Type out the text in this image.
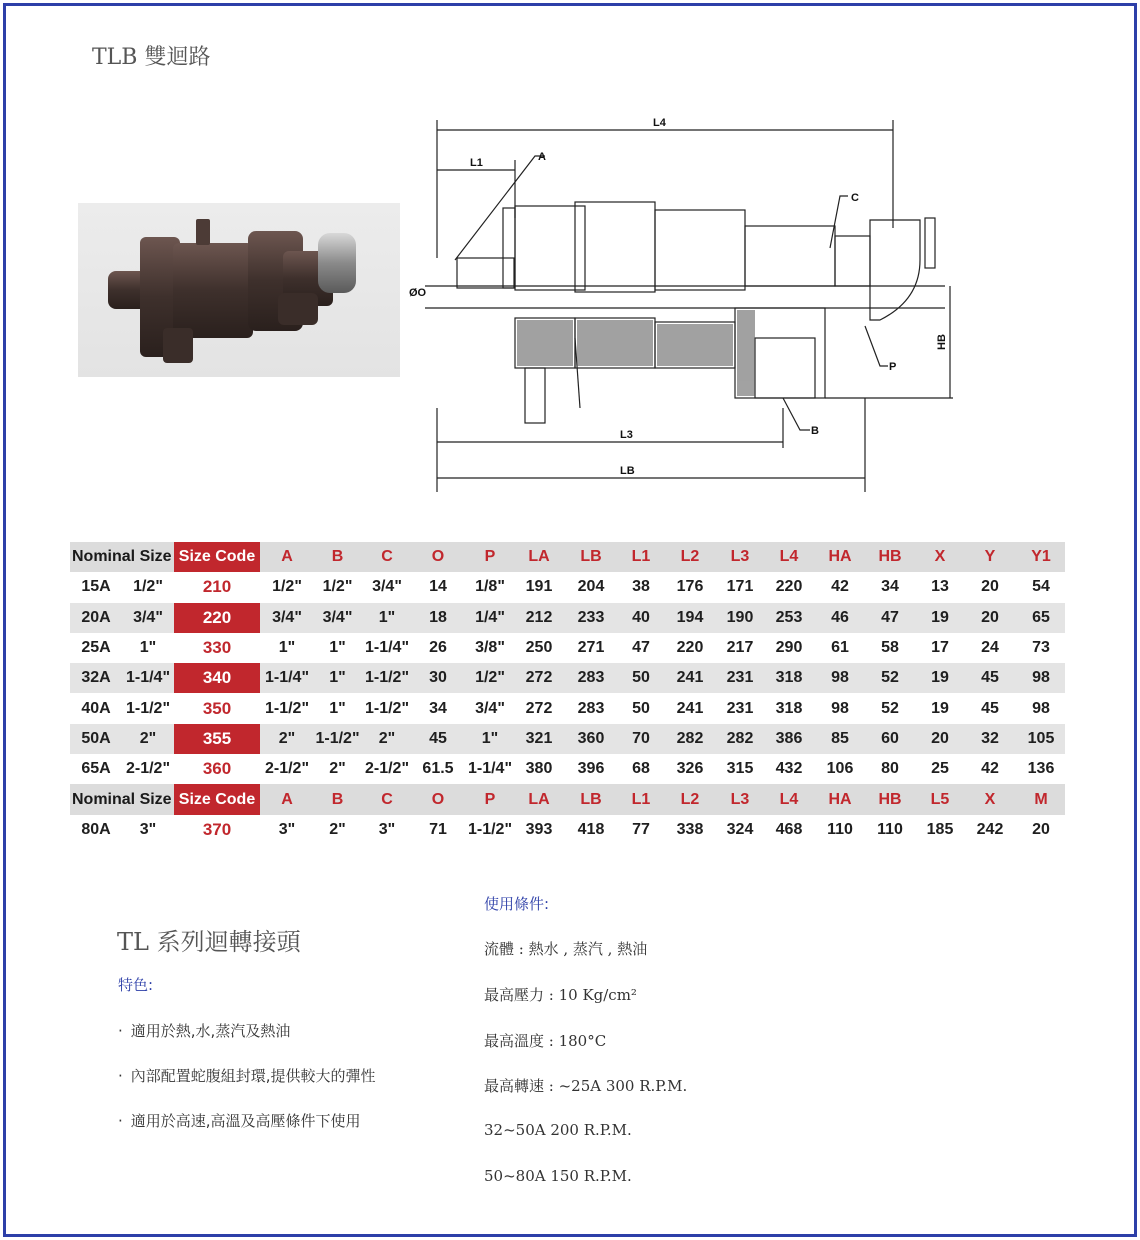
TLB 雙迴路
L4
L1	A
C
ØO
HB
P
B
L3
LB
Nominal Size		Size Code	A	B	C	O	P	LA	LB	L1	L2	L3	L4	HA	HB	X	Y	Y1
15A	1/2"	210	1/2"	1/2"	3/4"	14	1/8"	191	204	38	176	171	220	42	34	13	20	54
20A	3/4"	220	3/4"	3/4"	1"	18	1/4"	212	233	40	194	190	253	46	47	19	20	65
25A	1"	330	1"	1"	1-1/4"	26	3/8"	250	271	47	220	217	290	61	58	17	24	73
32A	1-1/4"	340	1-1/4"	1"	1-1/2"	30	1/2"	272	283	50	241	231	318	98	52	19	45	98
40A	1-1/2"	350	1-1/2"	1"	1-1/2"	34	3/4"	272	283	50	241	231	318	98	52	19	45	98
50A	2"	355	2"	1-1/2"	2"	45	1"	321	360	70	282	282	386	85	60	20	32	105
65A	2-1/2"	360	2-1/2"	2"	2-1/2"	61.5	1-1/4"	380	396	68	326	315	432	106	80	25	42	136
Nominal Size		Size Code	A	B	C	O	P	LA	LB	L1	L2	L3	L4	HA	HB	L5	X	M
80A	3"	370	3"	2"	3"	71	1-1/2"	393	418	77	338	324	468	110	110	185	242	20
TL 系列迴轉接頭
特色:
· 適用於熱,水,蒸汽及熱油
· 內部配置蛇腹組封環,提供較大的彈性
· 適用於高速,高溫及高壓條件下使用
使用條件:
流體 : 熱水 , 蒸汽 , 熱油
最高壓力 : 10 Kg/cm²
最高溫度 : 180°C
最高轉速 : ~25A 300 R.P.M.
32~50A 200 R.P.M.
50~80A 150 R.P.M.
